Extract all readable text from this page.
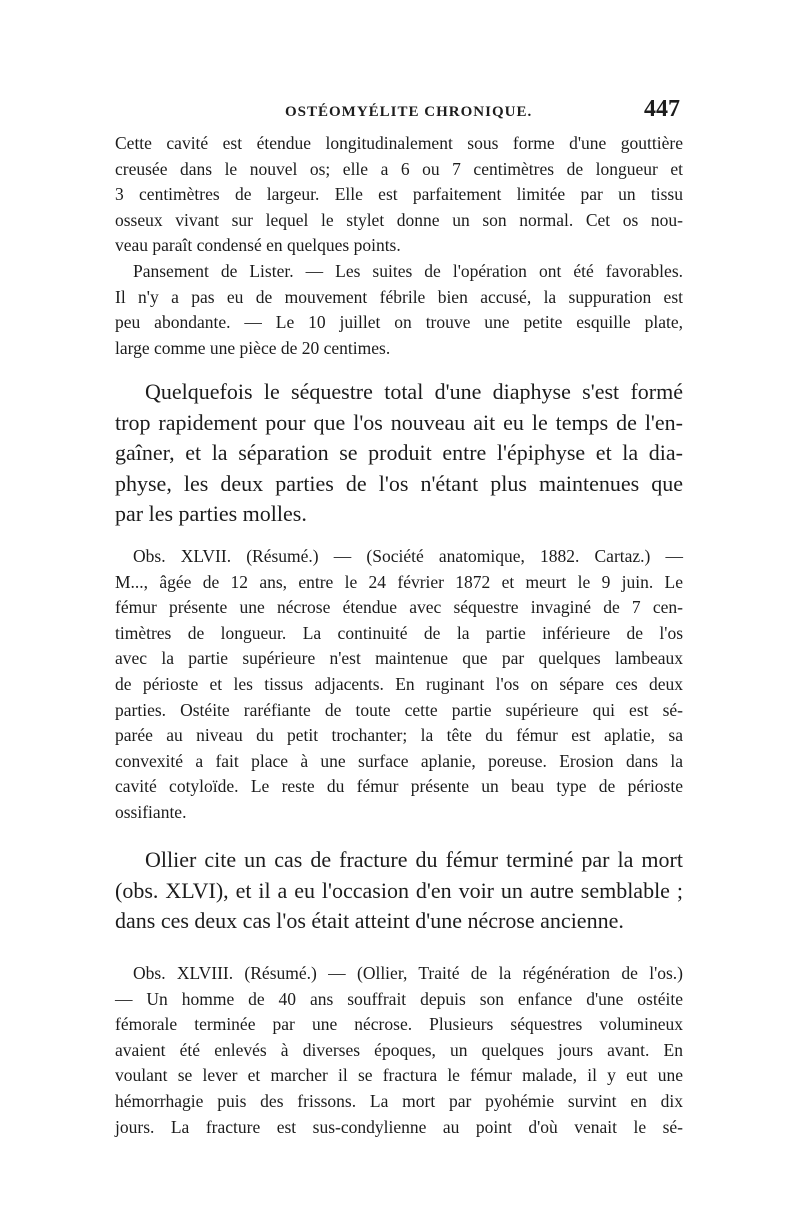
OSTÉOMYÉLITE CHRONIQUE.	447
Cette cavité est étendue longitudinalement sous forme d'une gouttière
creusée dans le nouvel os; elle a 6 ou 7 centimètres de longueur et
3 centimètres de largeur. Elle est parfaitement limitée par un tissu
osseux vivant sur lequel le stylet donne un son normal. Cet os nou-
veau paraît condensé en quelques points.
Pansement de Lister. — Les suites de l'opération ont été favorables.
Il n'y a pas eu de mouvement fébrile bien accusé, la suppuration est
peu abondante. — Le 10 juillet on trouve une petite esquille plate,
large comme une pièce de 20 centimes.
Quelquefois le séquestre total d'une diaphyse s'est formé
trop rapidement pour que l'os nouveau ait eu le temps de l'en-
gaîner, et la séparation se produit entre l'épiphyse et la dia-
physe, les deux parties de l'os n'étant plus maintenues que
par les parties molles.
Obs. XLVII. (Résumé.) — (Société anatomique, 1882. Cartaz.) —
M..., âgée de 12 ans, entre le 24 février 1872 et meurt le 9 juin. Le
fémur présente une nécrose étendue avec séquestre invaginé de 7 cen-
timètres de longueur. La continuité de la partie inférieure de l'os
avec la partie supérieure n'est maintenue que par quelques lambeaux
de périoste et les tissus adjacents. En ruginant l'os on sépare ces deux
parties. Ostéite raréfiante de toute cette partie supérieure qui est sé-
parée au niveau du petit trochanter; la tête du fémur est aplatie, sa
convexité a fait place à une surface aplanie, poreuse. Erosion dans la
cavité cotyloïde. Le reste du fémur présente un beau type de périoste
ossifiante.
Ollier cite un cas de fracture du fémur terminé par la mort
(obs. XLVI), et il a eu l'occasion d'en voir un autre semblable ;
dans ces deux cas l'os était atteint d'une nécrose ancienne.
Obs. XLVIII. (Résumé.) — (Ollier, Traité de la régénération de l'os.)
— Un homme de 40 ans souffrait depuis son enfance d'une ostéite
fémorale terminée par une nécrose. Plusieurs séquestres volumineux
avaient été enlevés à diverses époques, un quelques jours avant. En
voulant se lever et marcher il se fractura le fémur malade, il y eut une
hémorrhagie puis des frissons. La mort par pyohémie survint en dix
jours. La fracture est sus-condylienne au point d'où venait le sé-
